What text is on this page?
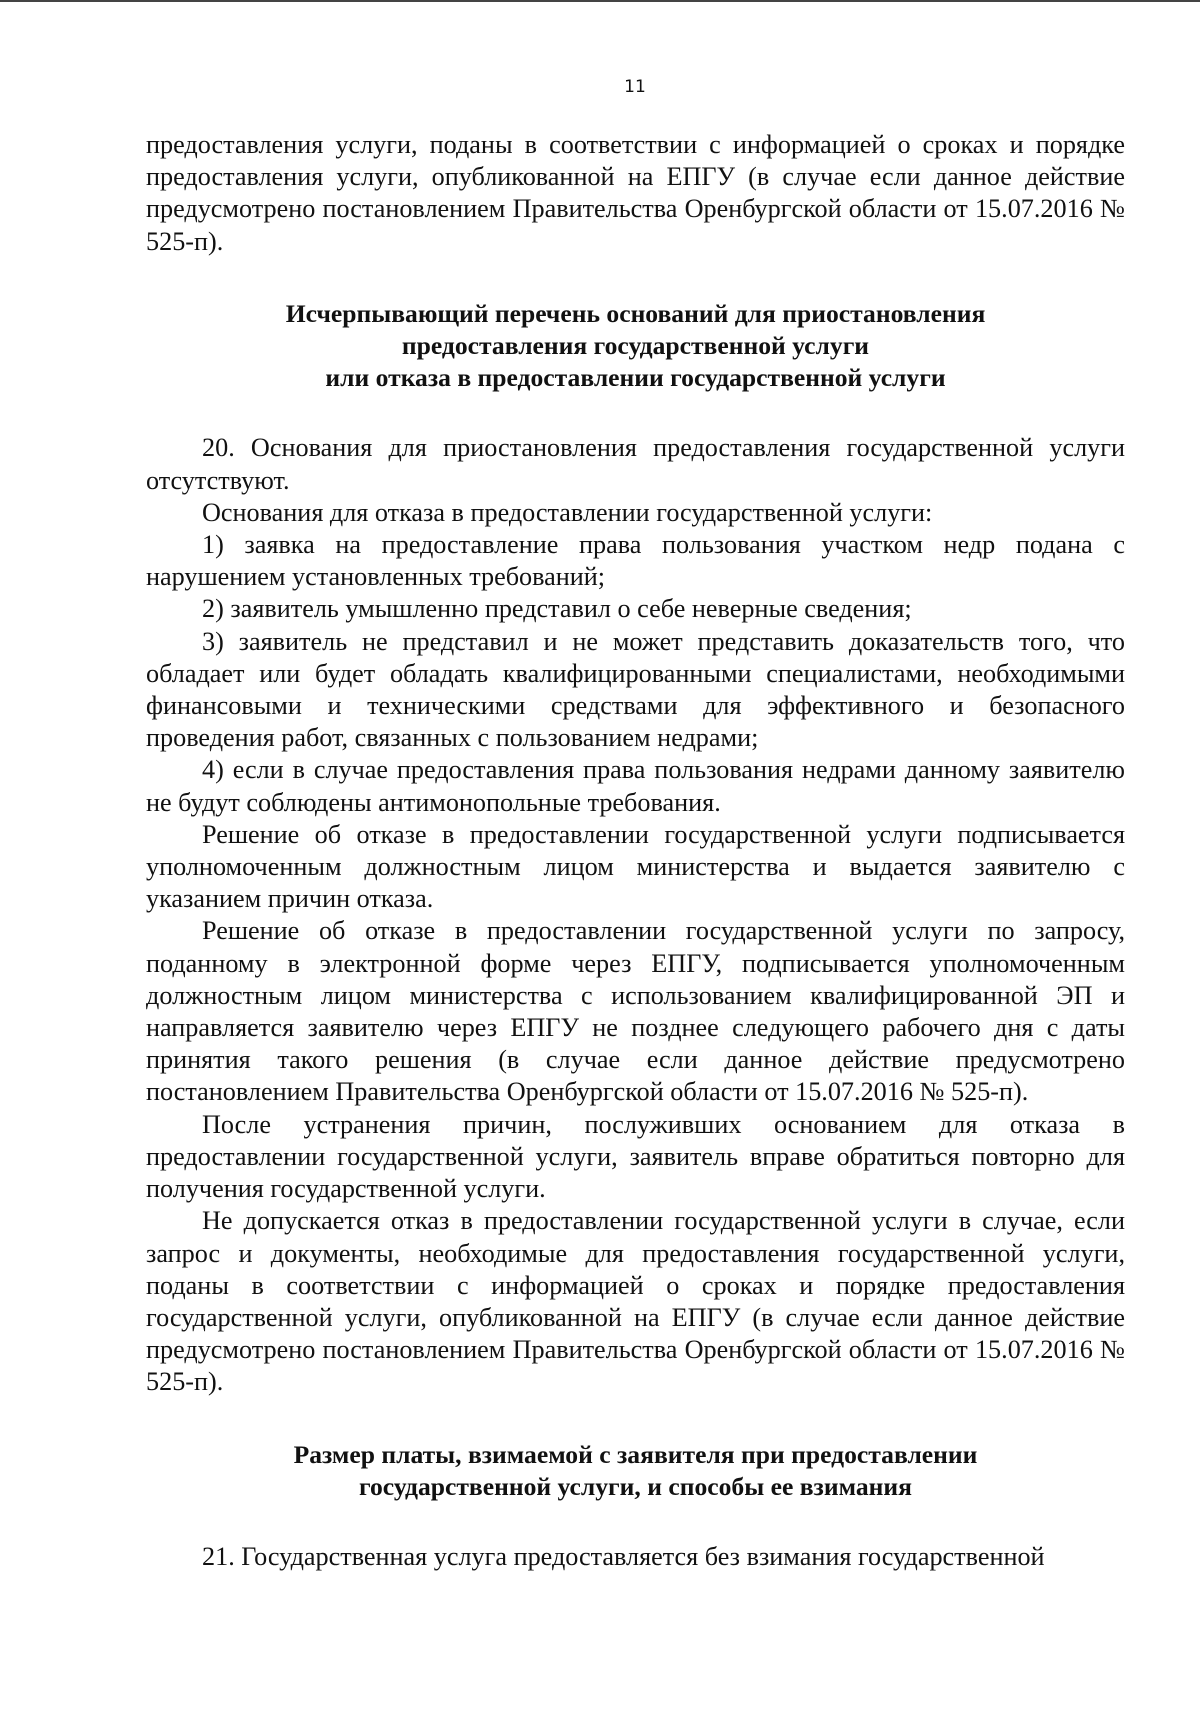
11

предоставления услуги, поданы в соответствии с информацией о сроках и порядке предоставления услуги, опубликованной на ЕПГУ (в случае если данное действие предусмотрено постановлением Правительства Оренбургской области от 15.07.2016 № 525-п).

Исчерпывающий перечень оснований для приостановления
предоставления государственной услуги
или отказа в предоставлении государственной услуги

20. Основания для приостановления предоставления государственной услуги отсутствуют.

Основания для отказа в предоставлении государственной услуги:

1) заявка на предоставление права пользования участком недр подана с нарушением установленных требований;

2) заявитель умышленно представил о себе неверные сведения;

3) заявитель не представил и не может представить доказательств того, что обладает или будет обладать квалифицированными специалистами, необходимыми финансовыми и техническими средствами для эффективного и безопасного проведения работ, связанных с пользованием недрами;

4) если в случае предоставления права пользования недрами данному заявителю не будут соблюдены антимонопольные требования.

Решение об отказе в предоставлении государственной услуги подписывается уполномоченным должностным лицом министерства и выдается заявителю с указанием причин отказа.

Решение об отказе в предоставлении государственной услуги по запросу, поданному в электронной форме через ЕПГУ, подписывается уполномоченным должностным лицом министерства с использованием квалифицированной ЭП и направляется заявителю через ЕПГУ не позднее следующего рабочего дня с даты принятия такого решения (в случае если данное действие предусмотрено постановлением Правительства Оренбургской области от 15.07.2016 № 525-п).

После устранения причин, послуживших основанием для отказа в предоставлении государственной услуги, заявитель вправе обратиться повторно для получения государственной услуги.

Не допускается отказ в предоставлении государственной услуги в случае, если запрос и документы, необходимые для предоставления государственной услуги, поданы в соответствии с информацией о сроках и порядке предоставления государственной услуги, опубликованной на ЕПГУ (в случае если данное действие предусмотрено постановлением Правительства Оренбургской области от 15.07.2016 № 525-п).

Размер платы, взимаемой с заявителя при предоставлении
государственной услуги, и способы ее взимания

21. Государственная услуга предоставляется без взимания государственной
